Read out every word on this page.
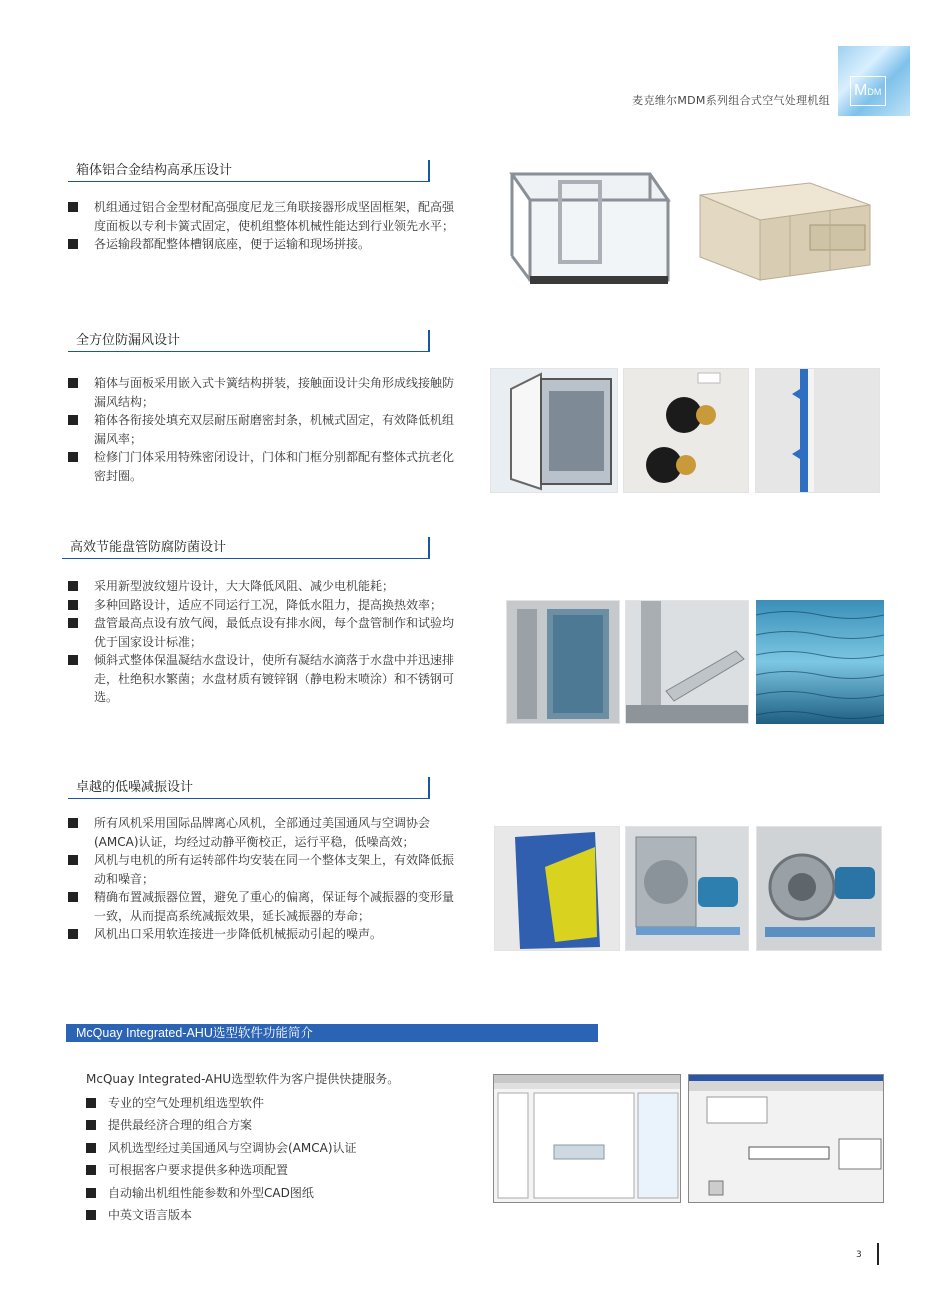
麦克维尔MDM系列组合式空气处理机组
MDM
箱体铝合金结构高承压设计
机组通过铝合金型材配高强度尼龙三角联接器形成坚固框架，配高强度面板以专利卡簧式固定，使机组整体机械性能达到行业领先水平；
各运输段都配整体槽钢底座，便于运输和现场拼接。
全方位防漏风设计
箱体与面板采用嵌入式卡簧结构拼装，接触面设计尖角形成线接触防漏风结构；
箱体各衔接处填充双层耐压耐磨密封条，机械式固定，有效降低机组漏风率；
检修门门体采用特殊密闭设计，门体和门框分别都配有整体式抗老化密封圈。
高效节能盘管防腐防菌设计
采用新型波纹翅片设计，大大降低风阻、减少电机能耗；
多种回路设计，适应不同运行工况，降低水阻力，提高换热效率；
盘管最高点设有放气阀，最低点设有排水阀，每个盘管制作和试验均优于国家设计标准；
倾斜式整体保温凝结水盘设计，使所有凝结水滴落于水盘中并迅速排走，杜绝积水繁菌；水盘材质有镀锌钢（静电粉末喷涂）和不锈钢可选。
卓越的低噪减振设计
所有风机采用国际品牌离心风机，全部通过美国通风与空调协会(AMCA)认证，均经过动静平衡校正，运行平稳，低噪高效；
风机与电机的所有运转部件均安装在同一个整体支架上，有效降低振动和噪音；
精确布置减振器位置，避免了重心的偏离，保证每个减振器的变形量一致，从而提高系统减振效果，延长减振器的寿命；
风机出口采用软连接进一步降低机械振动引起的噪声。
McQuay Integrated-AHU选型软件功能简介
McQuay Integrated-AHU选型软件为客户提供快捷服务。
专业的空气处理机组选型软件
提供最经济合理的组合方案
风机选型经过美国通风与空调协会(AMCA)认证
可根据客户要求提供多种选项配置
自动输出机组性能参数和外型CAD图纸
中英文语言版本
3
